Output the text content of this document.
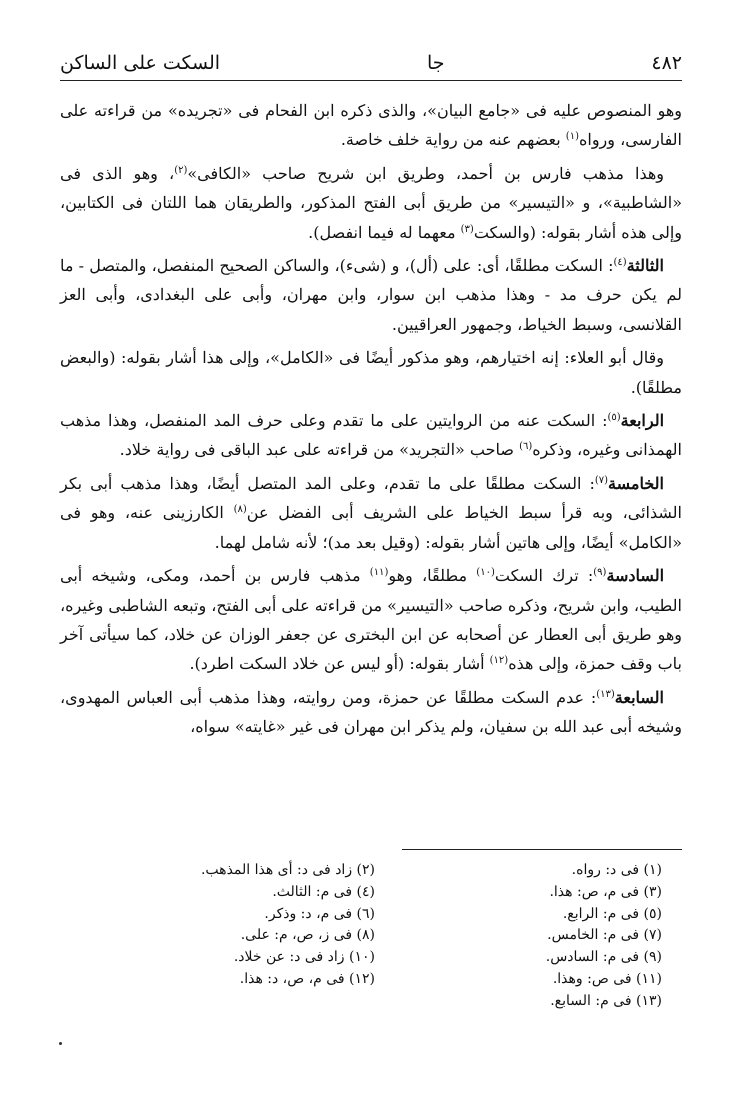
٤٨٢
جا
السكت على الساكن

وهو المنصوص عليه فى «جامع البيان»، والذى ذكره ابن الفحام فى «تجريده» من قراءته على الفارسى، ورواه$^{(١)}$ بعضهم عنه من رواية خلف خاصة.

وهذا مذهب فارس بن أحمد، وطريق ابن شريح صاحب «الكافى»$^{(٢)}$، وهو الذى فى «الشاطبية»، و «التيسير» من طريق أبى الفتح المذكور، والطريقان هما اللتان فى الكتابين، وإلى هذه أشار بقوله: (والسكت$^{(٣)}$ معهما له فيما انفصل).

الثالثة$^{(٤)}$: السكت مطلقًا، أى: على (أل)، و (شىء)، والساكن الصحيح المنفصل، والمتصل - ما لم يكن حرف مد - وهذا مذهب ابن سوار، وابن مهران، وأبى على البغدادى، وأبى العز القلانسى، وسبط الخياط، وجمهور العراقيين.

وقال أبو العلاء: إنه اختيارهم، وهو مذكور أيضًا فى «الكامل»، وإلى هذا أشار بقوله: (والبعض مطلقًا).

الرابعة$^{(٥)}$: السكت عنه من الروايتين على ما تقدم وعلى حرف المد المنفصل، وهذا مذهب الهمذانى وغيره، وذكره$^{(٦)}$ صاحب «التجريد» من قراءته على عبد الباقى فى رواية خلاد.

الخامسة$^{(٧)}$: السكت مطلقًا على ما تقدم، وعلى المد المتصل أيضًا، وهذا مذهب أبى بكر الشذائى، وبه قرأ سبط الخياط على الشريف أبى الفضل عن$^{(٨)}$ الكارزينى عنه، وهو فى «الكامل» أيضًا، وإلى هاتين أشار بقوله: (وقيل بعد مد)؛ لأنه شامل لهما.

السادسة$^{(٩)}$: ترك السكت$^{(١٠)}$ مطلقًا، وهو$^{(١١)}$ مذهب فارس بن أحمد، ومكى، وشيخه أبى الطيب، وابن شريح، وذكره صاحب «التيسير» من قراءته على أبى الفتح، وتبعه الشاطبى وغيره، وهو طريق أبى العطار عن أصحابه عن ابن البخترى عن جعفر الوزان عن خلاد، كما سيأتى آخر باب وقف حمزة، وإلى هذه$^{(١٢)}$ أشار بقوله: (أو ليس عن خلاد السكت اطرد).

السابعة$^{(١٣)}$: عدم السكت مطلقًا عن حمزة، ومن روايته، وهذا مذهب أبى العباس المهدوى، وشيخه أبى عبد الله بن سفيان، ولم يذكر ابن مهران فى غير «غايته» سواه،

(١) فى د: رواه.
(٣) فى م، ص: هذا.
(٥) فى م: الرابع.
(٧) فى م: الخامس.
(٩) فى م: السادس.
(١١) فى ص: وهذا.
(١٣) فى م: السابع.
(٢) زاد فى د: أى هذا المذهب.
(٤) فى م: الثالث.
(٦) فى م، د: وذكر.
(٨) فى ز، ص، م: على.
(١٠) زاد فى د: عن خلاد.
(١٢) فى م، ص، د: هذا.
